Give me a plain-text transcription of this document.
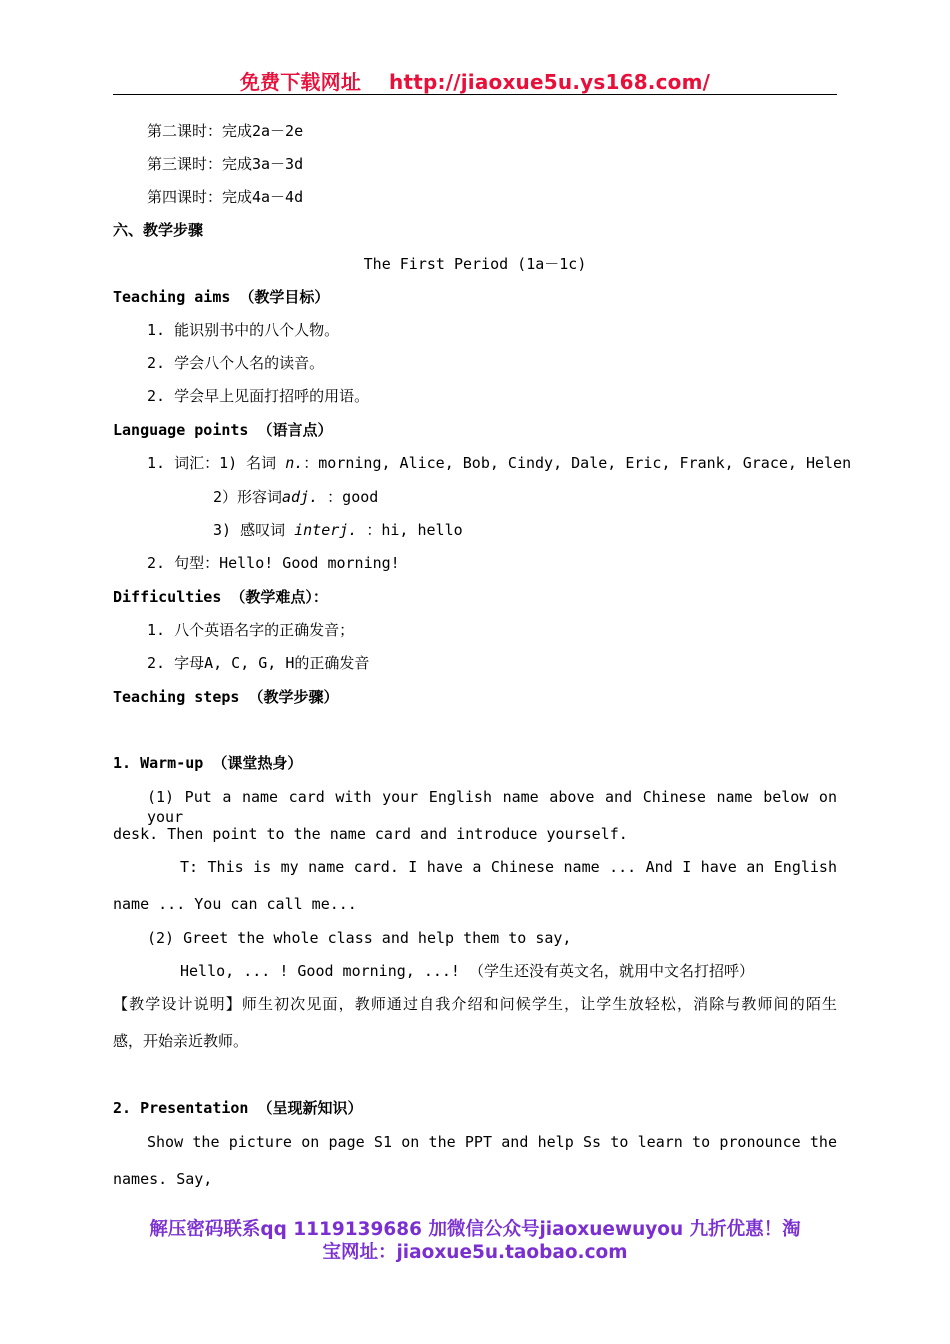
免费下载网址 http://jiaoxue5u.ys168.com/
第二课时：完成2a－2e
第三课时：完成3a－3d
第四课时：完成4a－4d
六、教学步骤
The First Period (1a－1c)
Teaching aims （教学目标）
1. 能识别书中的八个人物。
2. 学会八个人名的读音。
2. 学会早上见面打招呼的用语。
Language points （语言点）
1. 词汇：1) 名词 n.：morning, Alice, Bob, Cindy, Dale, Eric, Frank, Grace, Helen
2）形容词adj. ：good
3) 感叹词 interj. ：hi, hello
2. 句型：Hello! Good morning!
Difficulties （教学难点）：
1. 八个英语名字的正确发音；
2. 字母A, C, G, H的正确发音
Teaching steps （教学步骤）
1. Warm-up （课堂热身）
(1) Put a name card with your English name above and Chinese name below on your
desk. Then point to the name card and introduce yourself.
T: This is my name card. I have a Chinese name ... And I have an English
name ... You can call me...
(2) Greet the whole class and help them to say,
Hello, ... ! Good morning, ...! （学生还没有英文名，就用中文名打招呼）
【教学设计说明】师生初次见面，教师通过自我介绍和问候学生，让学生放轻松，消除与教师间的陌生
感，开始亲近教师。
2. Presentation （呈现新知识）
Show the picture on page S1 on the PPT and help Ss to learn to pronounce the
names. Say,
解压密码联系qq 1119139686 加微信公众号jiaoxuewuyou 九折优惠！淘
宝网址：jiaoxue5u.taobao.com
